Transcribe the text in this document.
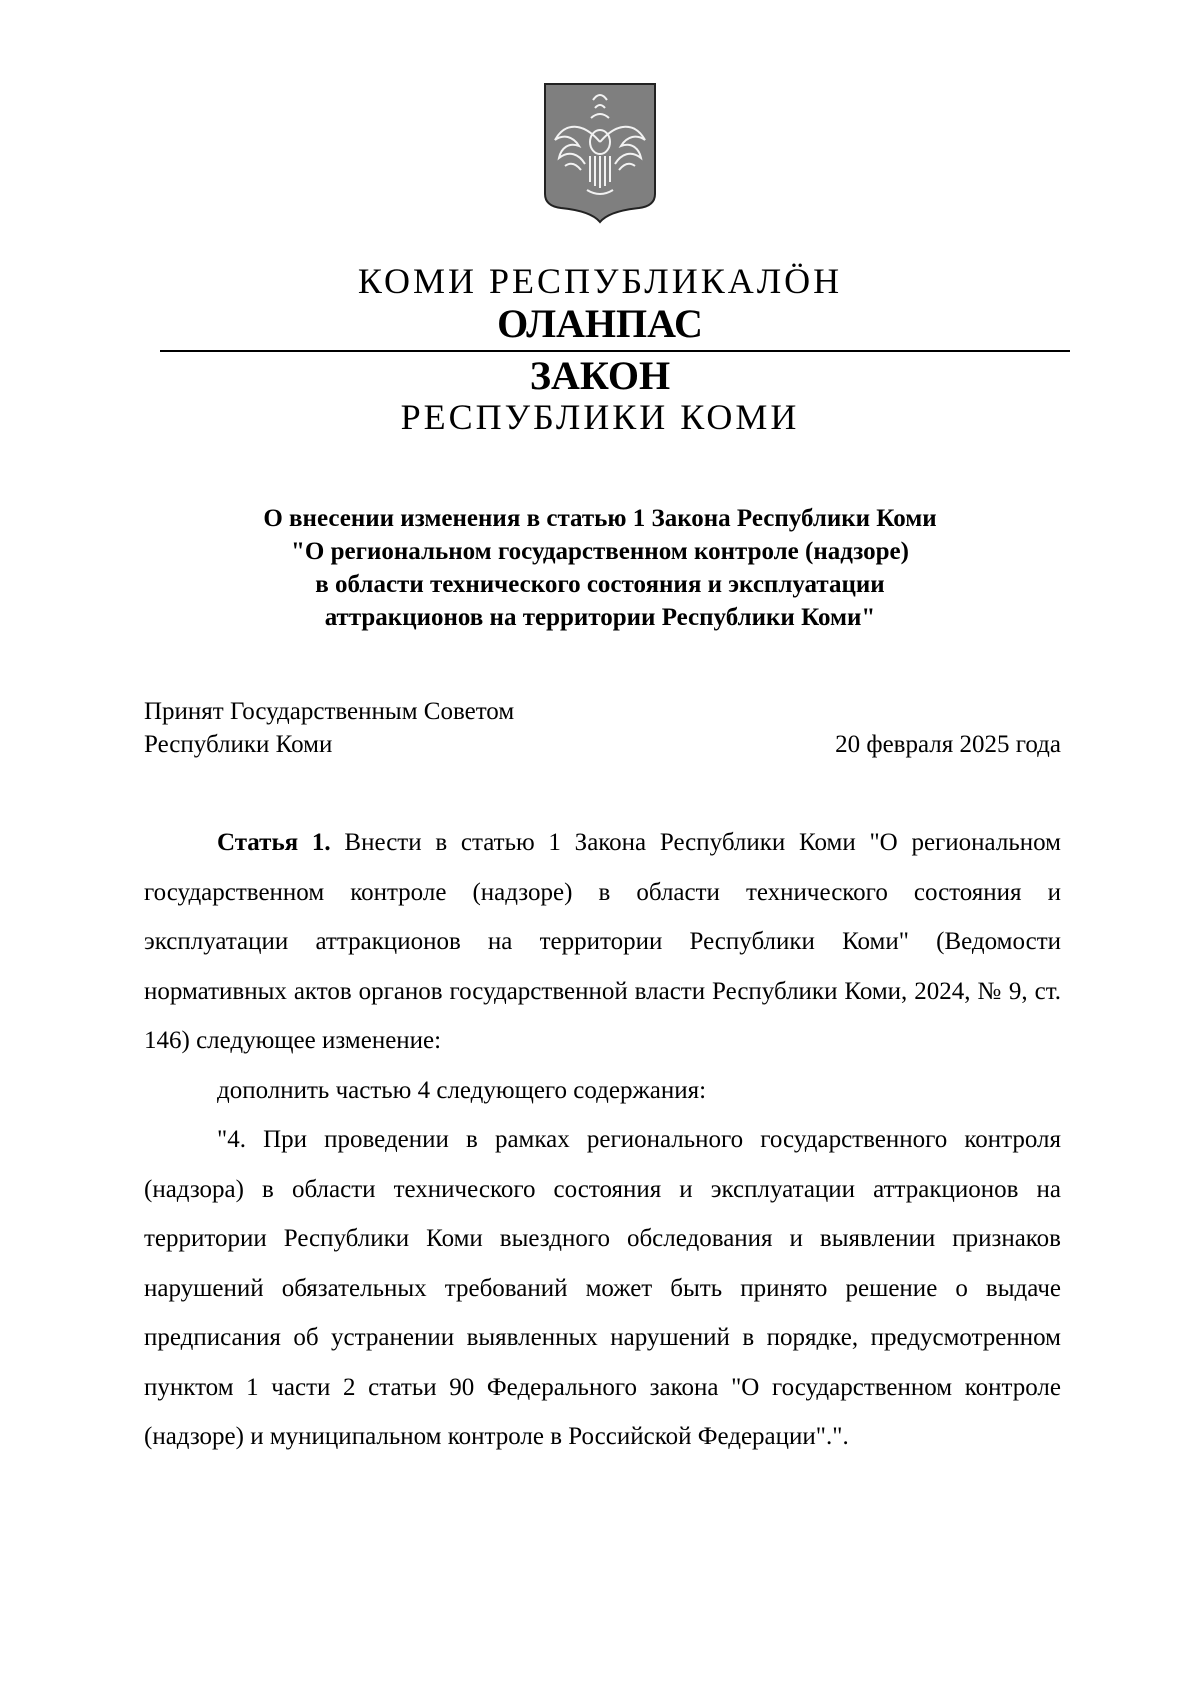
КОМИ РЕСПУБЛИКАЛӦН
ОЛАНПАС
ЗАКОН
РЕСПУБЛИКИ КОМИ
О внесении изменения в статью 1 Закона Республики Коми
"О региональном государственном контроле (надзоре)
в области технического состояния и эксплуатации
аттракционов на территории Республики Коми"
Принят Государственным Советом
Республики Коми	20 февраля 2025 года

Статья 1. Внести в статью 1 Закона Республики Коми "О региональном государственном контроле (надзоре) в области технического состояния и эксплуатации аттракционов на территории Республики Коми" (Ведомости нормативных актов органов государственной власти Республики Коми, 2024, № 9, ст. 146) следующее изменение:

дополнить частью 4 следующего содержания:

"4. При проведении в рамках регионального государственного контроля (надзора) в области технического состояния и эксплуатации аттракционов на территории Республики Коми выездного обследования и выявлении признаков нарушений обязательных требований может быть принято решение о выдаче предписания об устранении выявленных нарушений в порядке, предусмотренном пунктом 1 части 2 статьи 90 Федерального закона "О государственном контроле (надзоре) и муниципальном контроле в Российской Федерации".".
